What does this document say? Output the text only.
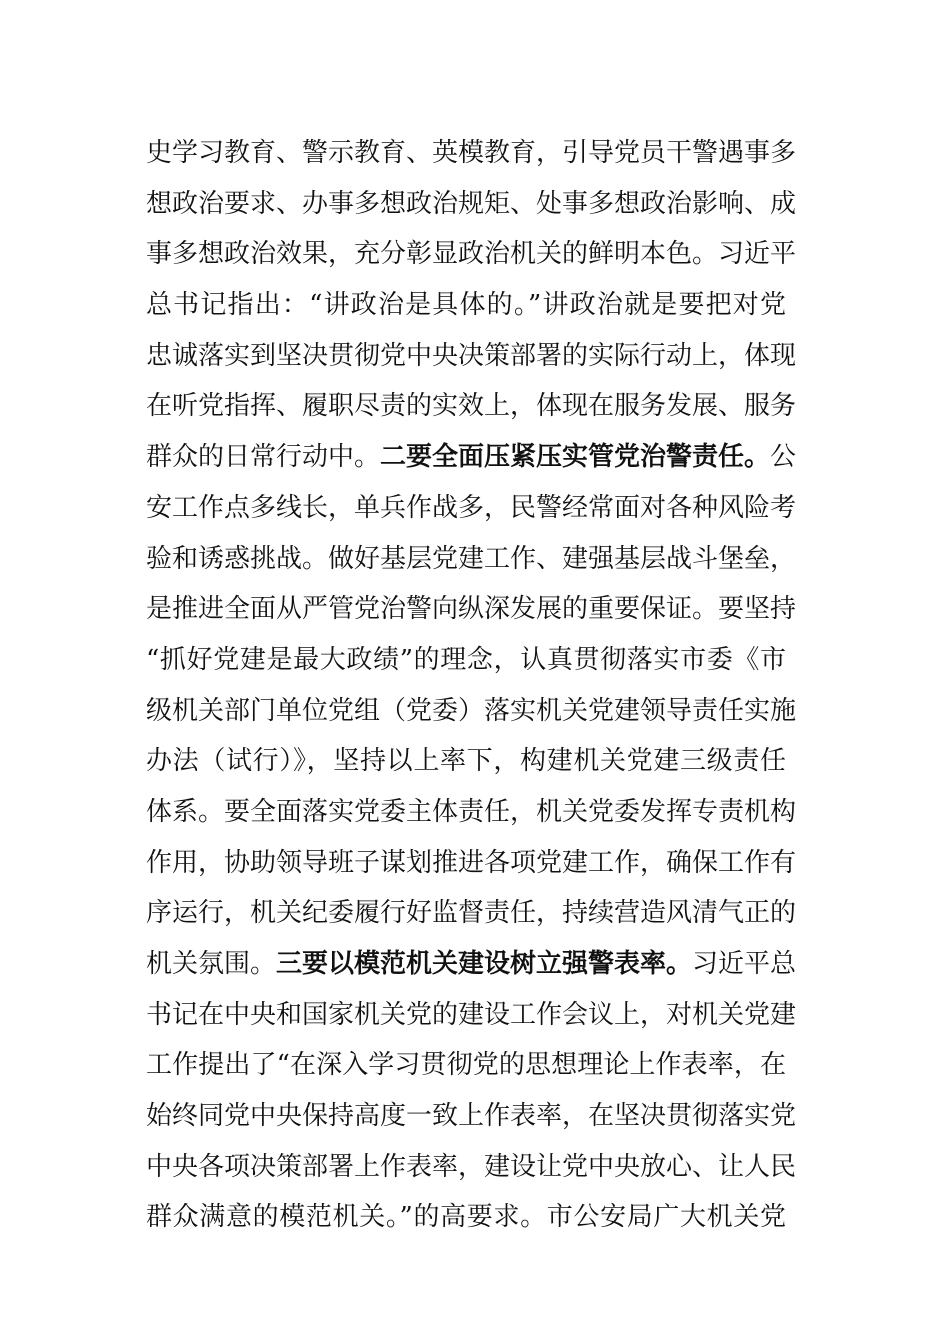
史学习教育、警示教育、英模教育，引导党员干警遇事多
想政治要求、办事多想政治规矩、处事多想政治影响、成
事多想政治效果，充分彰显政治机关的鲜明本色。习近平
总书记指出：“讲政治是具体的。”讲政治就是要把对党
忠诚落实到坚决贯彻党中央决策部署的实际行动上，体现
在听党指挥、履职尽责的实效上，体现在服务发展、服务
群众的日常行动中。二要全面压紧压实管党治警责任。公
安工作点多线长，单兵作战多，民警经常面对各种风险考
验和诱惑挑战。做好基层党建工作、建强基层战斗堡垒，
是推进全面从严管党治警向纵深发展的重要保证。要坚持
“抓好党建是最大政绩”的理念，认真贯彻落实市委《市
级机关部门单位党组（党委）落实机关党建领导责任实施
办法（试行）》，坚持以上率下，构建机关党建三级责任
体系。要全面落实党委主体责任，机关党委发挥专责机构
作用，协助领导班子谋划推进各项党建工作，确保工作有
序运行，机关纪委履行好监督责任，持续营造风清气正的
机关氛围。三要以模范机关建设树立强警表率。习近平总
书记在中央和国家机关党的建设工作会议上，对机关党建
工作提出了“在深入学习贯彻党的思想理论上作表率，在
始终同党中央保持高度一致上作表率，在坚决贯彻落实党
中央各项决策部署上作表率，建设让党中央放心、让人民
群众满意的模范机关。”的高要求。市公安局广大机关党
